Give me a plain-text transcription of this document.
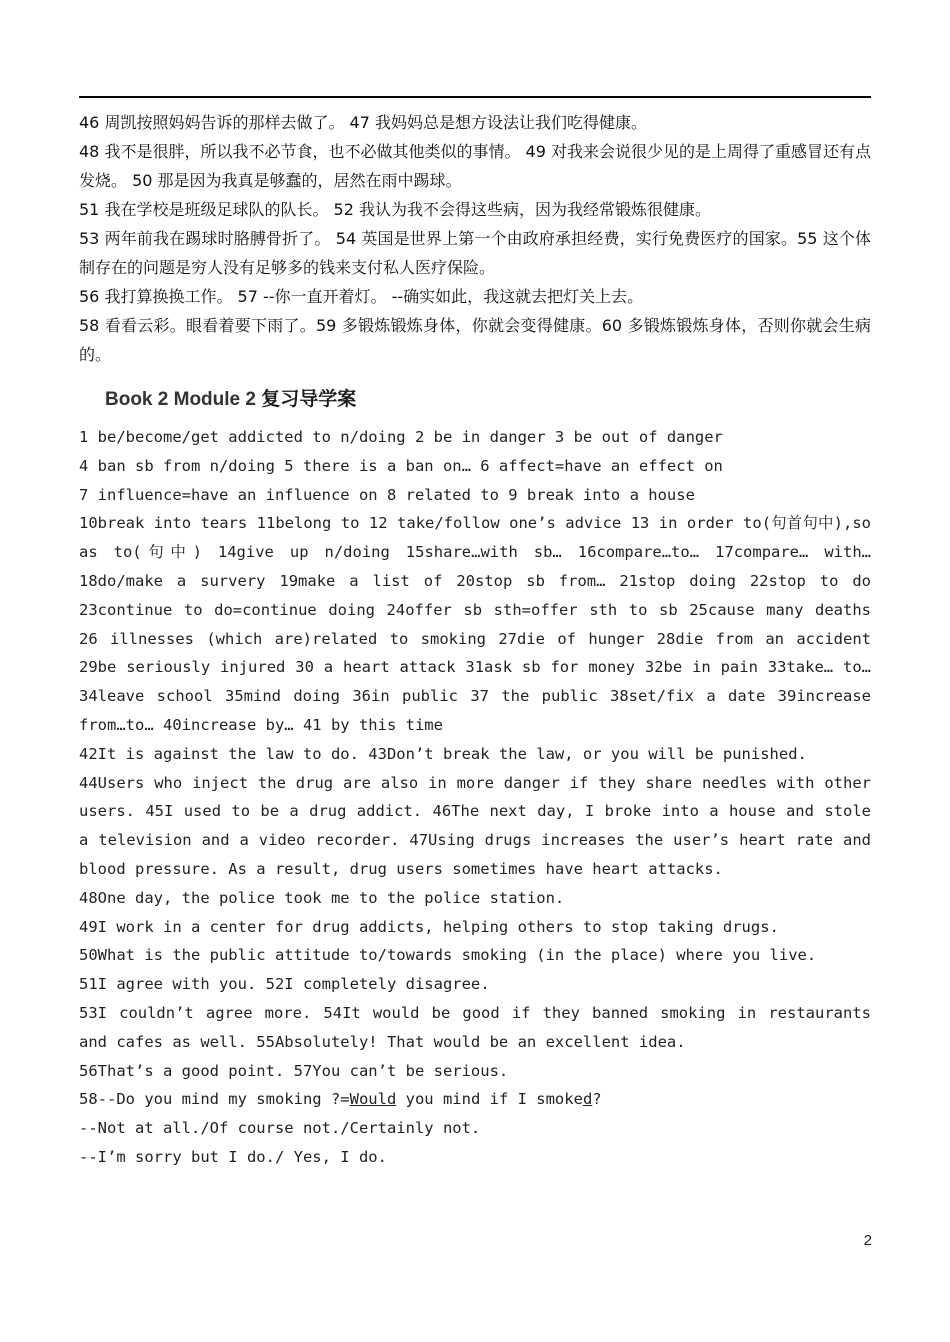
46 周凯按照妈妈告诉的那样去做了。 47 我妈妈总是想方设法让我们吃得健康。

48 我不是很胖，所以我不必节食，也不必做其他类似的事情。 49 对我来会说很少见的是上周得了重感冒还有点发烧。 50 那是因为我真是够蠢的，居然在雨中踢球。

51 我在学校是班级足球队的队长。 52 我认为我不会得这些病，因为我经常锻炼很健康。

53 两年前我在踢球时胳膊骨折了。 54 英国是世界上第一个由政府承担经费，实行免费医疗的国家。55 这个体制存在的问题是穷人没有足够多的钱来支付私人医疗保险。

56 我打算换换工作。 57 --你一直开着灯。 --确实如此，我这就去把灯关上去。

58 看看云彩。眼看着要下雨了。59 多锻炼锻炼身体，你就会变得健康。60 多锻炼锻炼身体，否则你就会生病的。

Book 2 Module 2 复习导学案

1 be/become/get addicted to n/doing 2 be in danger 3 be out of danger

4 ban sb from n/doing 5 there is a ban on… 6 affect=have an effect on

7 influence=have an influence on 8 related to 9 break into a house

10break into tears 11belong to 12 take/follow one’s advice 13 in order to(句首句中),so as to(句中) 14give up n/doing 15share…with sb… 16compare…to… 17compare… with… 18do/make a survery 19make a list of 20stop sb from… 21stop doing 22stop to do 23continue to do=continue doing 24offer sb sth=offer sth to sb 25cause many deaths 26 illnesses (which are)related to smoking 27die of hunger 28die from an accident 29be seriously injured 30 a heart attack 31ask sb for money 32be in pain 33take… to… 34leave school 35mind doing 36in public 37 the public 38set/fix a date 39increase from…to… 40increase by… 41 by this time

42It is against the law to do. 43Don’t break the law, or you will be punished.

44Users who inject the drug are also in more danger if they share needles with other users. 45I used to be a drug addict. 46The next day, I broke into a house and stole a television and a video recorder. 47Using drugs increases the user’s heart rate and blood pressure. As a result, drug users sometimes have heart attacks.

48One day, the police took me to the police station.

49I work in a center for drug addicts, helping others to stop taking drugs.

50What is the public attitude to/towards smoking (in the place) where you live.

51I agree with you. 52I completely disagree.

53I couldn’t agree more. 54It would be good if they banned smoking in restaurants and cafes as well. 55Absolutely! That would be an excellent idea.

56That’s a good point. 57You can’t be serious.

58--Do you mind my smoking ?=Would you mind if I smoked?

--Not at all./Of course not./Certainly not.

--I’m sorry but I do./ Yes, I do.

2
